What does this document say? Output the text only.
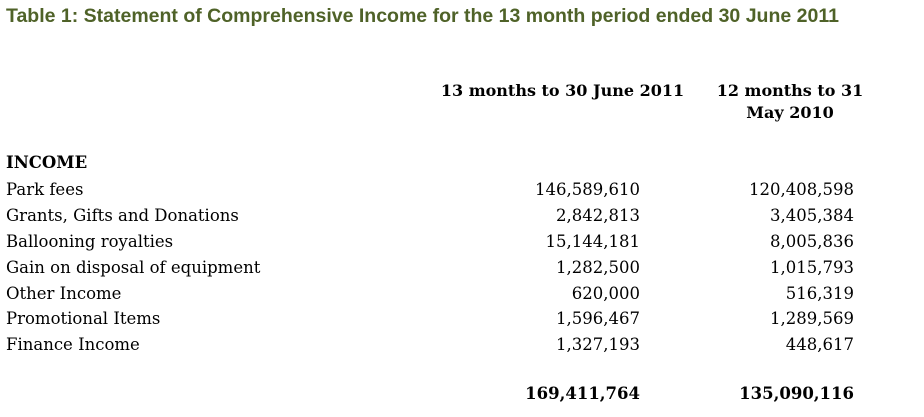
Table 1: Statement of Comprehensive Income for the 13 month period ended 30 June 2011
13 months to 30 June 2011	12 months to 31 May 2010
INCOME
Park fees	146,589,610	120,408,598
Grants, Gifts and Donations	2,842,813	3,405,384
Ballooning royalties	15,144,181	8,005,836
Gain on disposal of equipment	1,282,500	1,015,793
Other Income	620,000	516,319
Promotional Items	1,596,467	1,289,569
Finance Income	1,327,193	448,617
169,411,764	135,090,116
